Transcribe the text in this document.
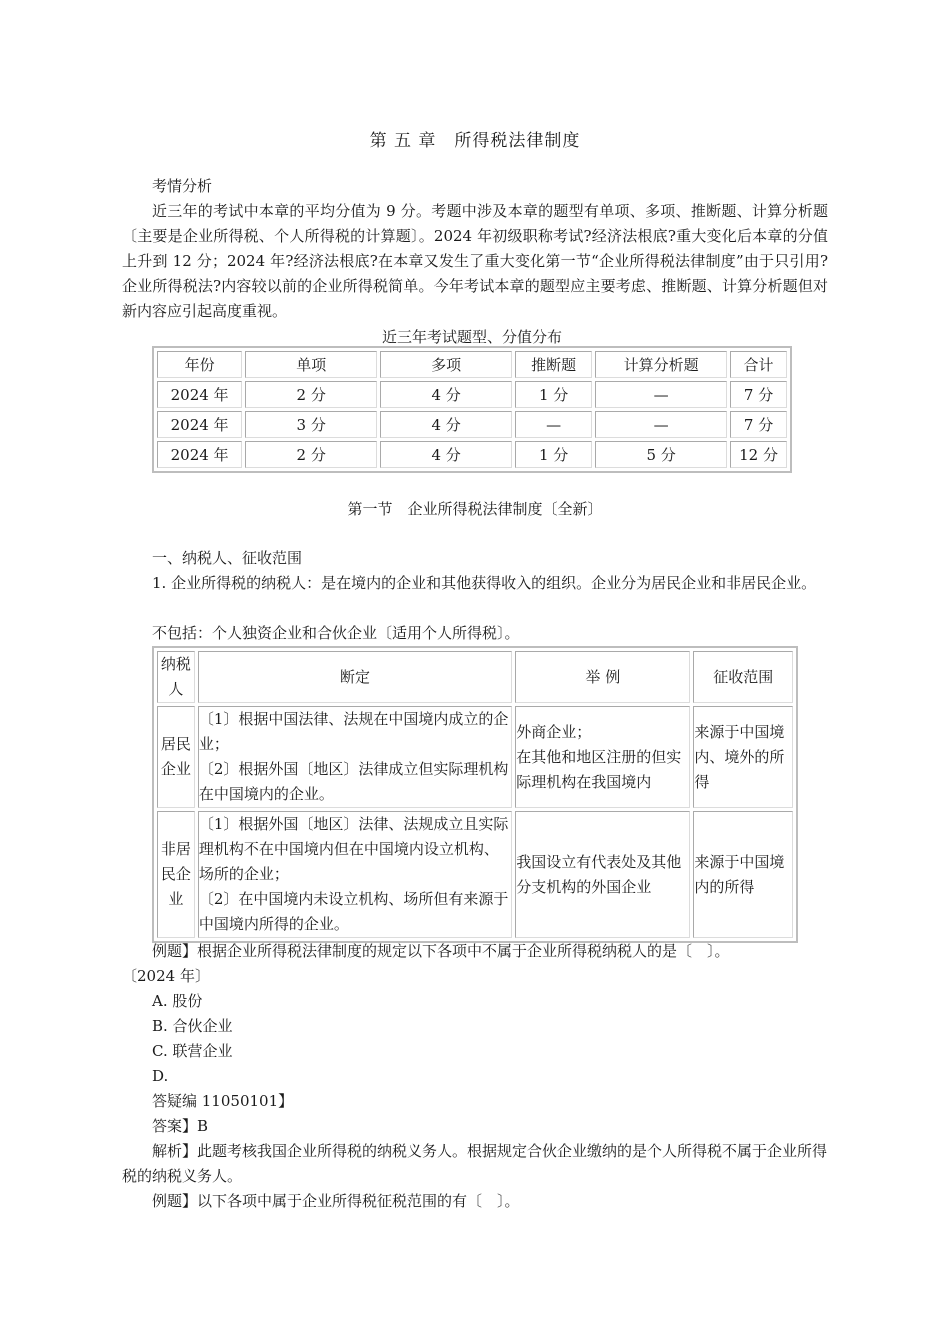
第 五 章　所得税法律制度
考情分析
近三年的考试中本章的平均分值为 9 分。考题中涉及本章的题型有单项、多项、推断题、计算分析题〔主要是企业所得税、个人所得税的计算题〕。2024 年初级职称考试?经济法根底?重大变化后本章的分值上升到 12 分；2024 年?经济法根底?在本章又发生了重大变化第一节“企业所得税法律制度”由于只引用?企业所得税法?内容较以前的企业所得税简单。今年考试本章的题型应主要考虑、推断题、计算分析题但对新内容应引起高度重视。
近三年考试题型、分值分布
年份	单项	多项	推断题	计算分析题	合计
2024 年	2 分	4 分	1 分	—	7 分
2024 年	3 分	4 分	—	—	7 分
2024 年	2 分	4 分	1 分	5 分	12 分
第一节　企业所得税法律制度〔全新〕
一、纳税人、征收范围
1. 企业所得税的纳税人：是在境内的企业和其他获得收入的组织。企业分为居民企业和非居民企业。
不包括：个人独资企业和合伙企业〔适用个人所得税〕。
纳税
人	断定	举 例	征收范围
居民
企业	〔1〕根据中国法律、法规在中国境内成立的企业；
〔2〕根据外国〔地区〕法律成立但实际理机构在中国境内的企业。	外商企业；
在其他和地区注册的但实际理机构在我国境内	来源于中国境内、境外的所得
非居
民企
业	〔1〕根据外国〔地区〕法律、法规成立且实际理机构不在中国境内但在中国境内设立机构、场所的企业；
〔2〕在中国境内未设立机构、场所但有来源于中国境内所得的企业。	我国设立有代表处及其他分支机构的外国企业	来源于中国境内的所得
例题】根据企业所得税法律制度的规定以下各项中不属于企业所得税纳税人的是〔　〕。
〔2024 年〕
A. 股份
B. 合伙企业
C. 联营企业
D.
答疑编 11050101】
答案】B
解析】此题考核我国企业所得税的纳税义务人。根据规定合伙企业缴纳的是个人所得税不属于企业所得税的纳税义务人。
例题】以下各项中属于企业所得税征税范围的有〔　〕。
